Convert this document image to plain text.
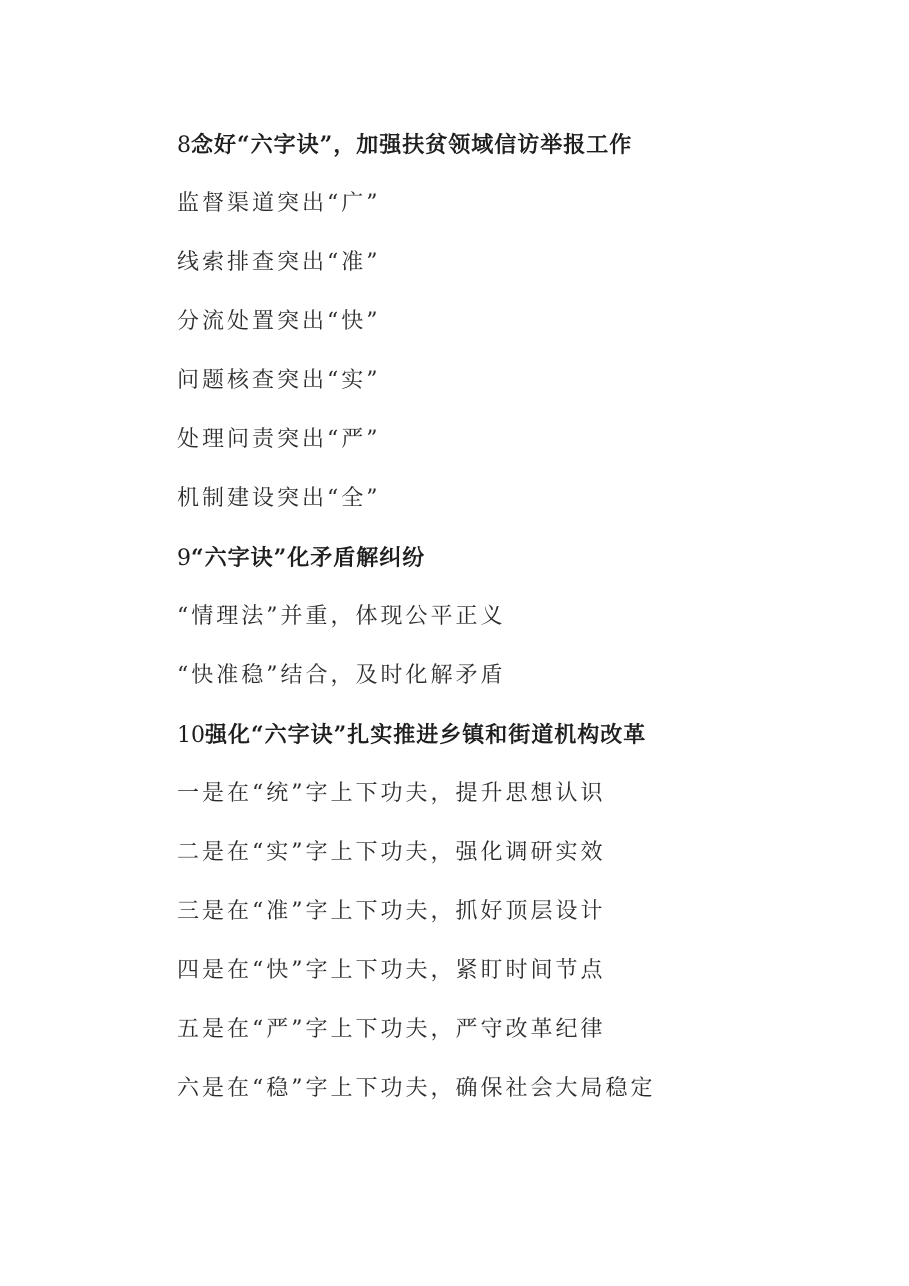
8念好“六字诀”，加强扶贫领域信访举报工作
监督渠道突出“广”
线索排查突出“准”
分流处置突出“快”
问题核查突出“实”
处理问责突出“严”
机制建设突出“全”
9“六字诀”化矛盾解纠纷
“情理法”并重，体现公平正义
“快准稳”结合，及时化解矛盾
10强化“六字诀”扎实推进乡镇和街道机构改革
一是在“统”字上下功夫，提升思想认识
二是在“实”字上下功夫，强化调研实效
三是在“准”字上下功夫，抓好顶层设计
四是在“快”字上下功夫，紧盯时间节点
五是在“严”字上下功夫，严守改革纪律
六是在“稳”字上下功夫，确保社会大局稳定
